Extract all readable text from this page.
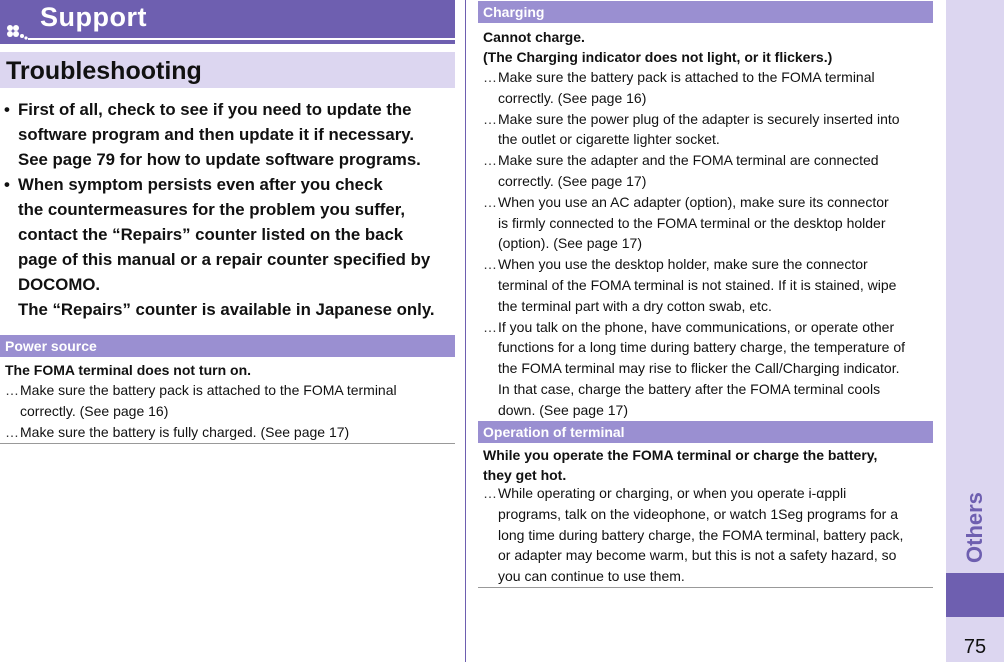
Support
Troubleshooting
• First of all, check to see if you need to update the
software program and then update it if necessary.
See page 79 for how to update software programs.
• When symptom persists even after you check
the countermeasures for the problem you suffer,
contact the “Repairs” counter listed on the back
page of this manual or a repair counter specified by
DOCOMO.
The “Repairs” counter is available in Japanese only.
Power source
The FOMA terminal does not turn on.
… Make sure the battery pack is attached to the FOMA terminal
correctly. (See page 16)
… Make sure the battery is fully charged. (See page 17)
Charging
Cannot charge.
(The Charging indicator does not light, or it flickers.)
… Make sure the battery pack is attached to the FOMA terminal
correctly. (See page 16)
… Make sure the power plug of the adapter is securely inserted into
the outlet or cigarette lighter socket.
… Make sure the adapter and the FOMA terminal are connected
correctly. (See page 17)
… When you use an AC adapter (option), make sure its connector
is firmly connected to the FOMA terminal or the desktop holder
(option). (See page 17)
… When you use the desktop holder, make sure the connector
terminal of the FOMA terminal is not stained. If it is stained, wipe
the terminal part with a dry cotton swab, etc.
… If you talk on the phone, have communications, or operate other
functions for a long time during battery charge, the temperature of
the FOMA terminal may rise to flicker the Call/Charging indicator.
In that case, charge the battery after the FOMA terminal cools
down. (See page 17)
Operation of terminal
While you operate the FOMA terminal or charge the battery,
they get hot.
… While operating or charging, or when you operate i-αppli
programs, talk on the videophone, or watch 1Seg programs for a
long time during battery charge, the FOMA terminal, battery pack,
or adapter may become warm, but this is not a safety hazard, so
you can continue to use them.
Others
75
